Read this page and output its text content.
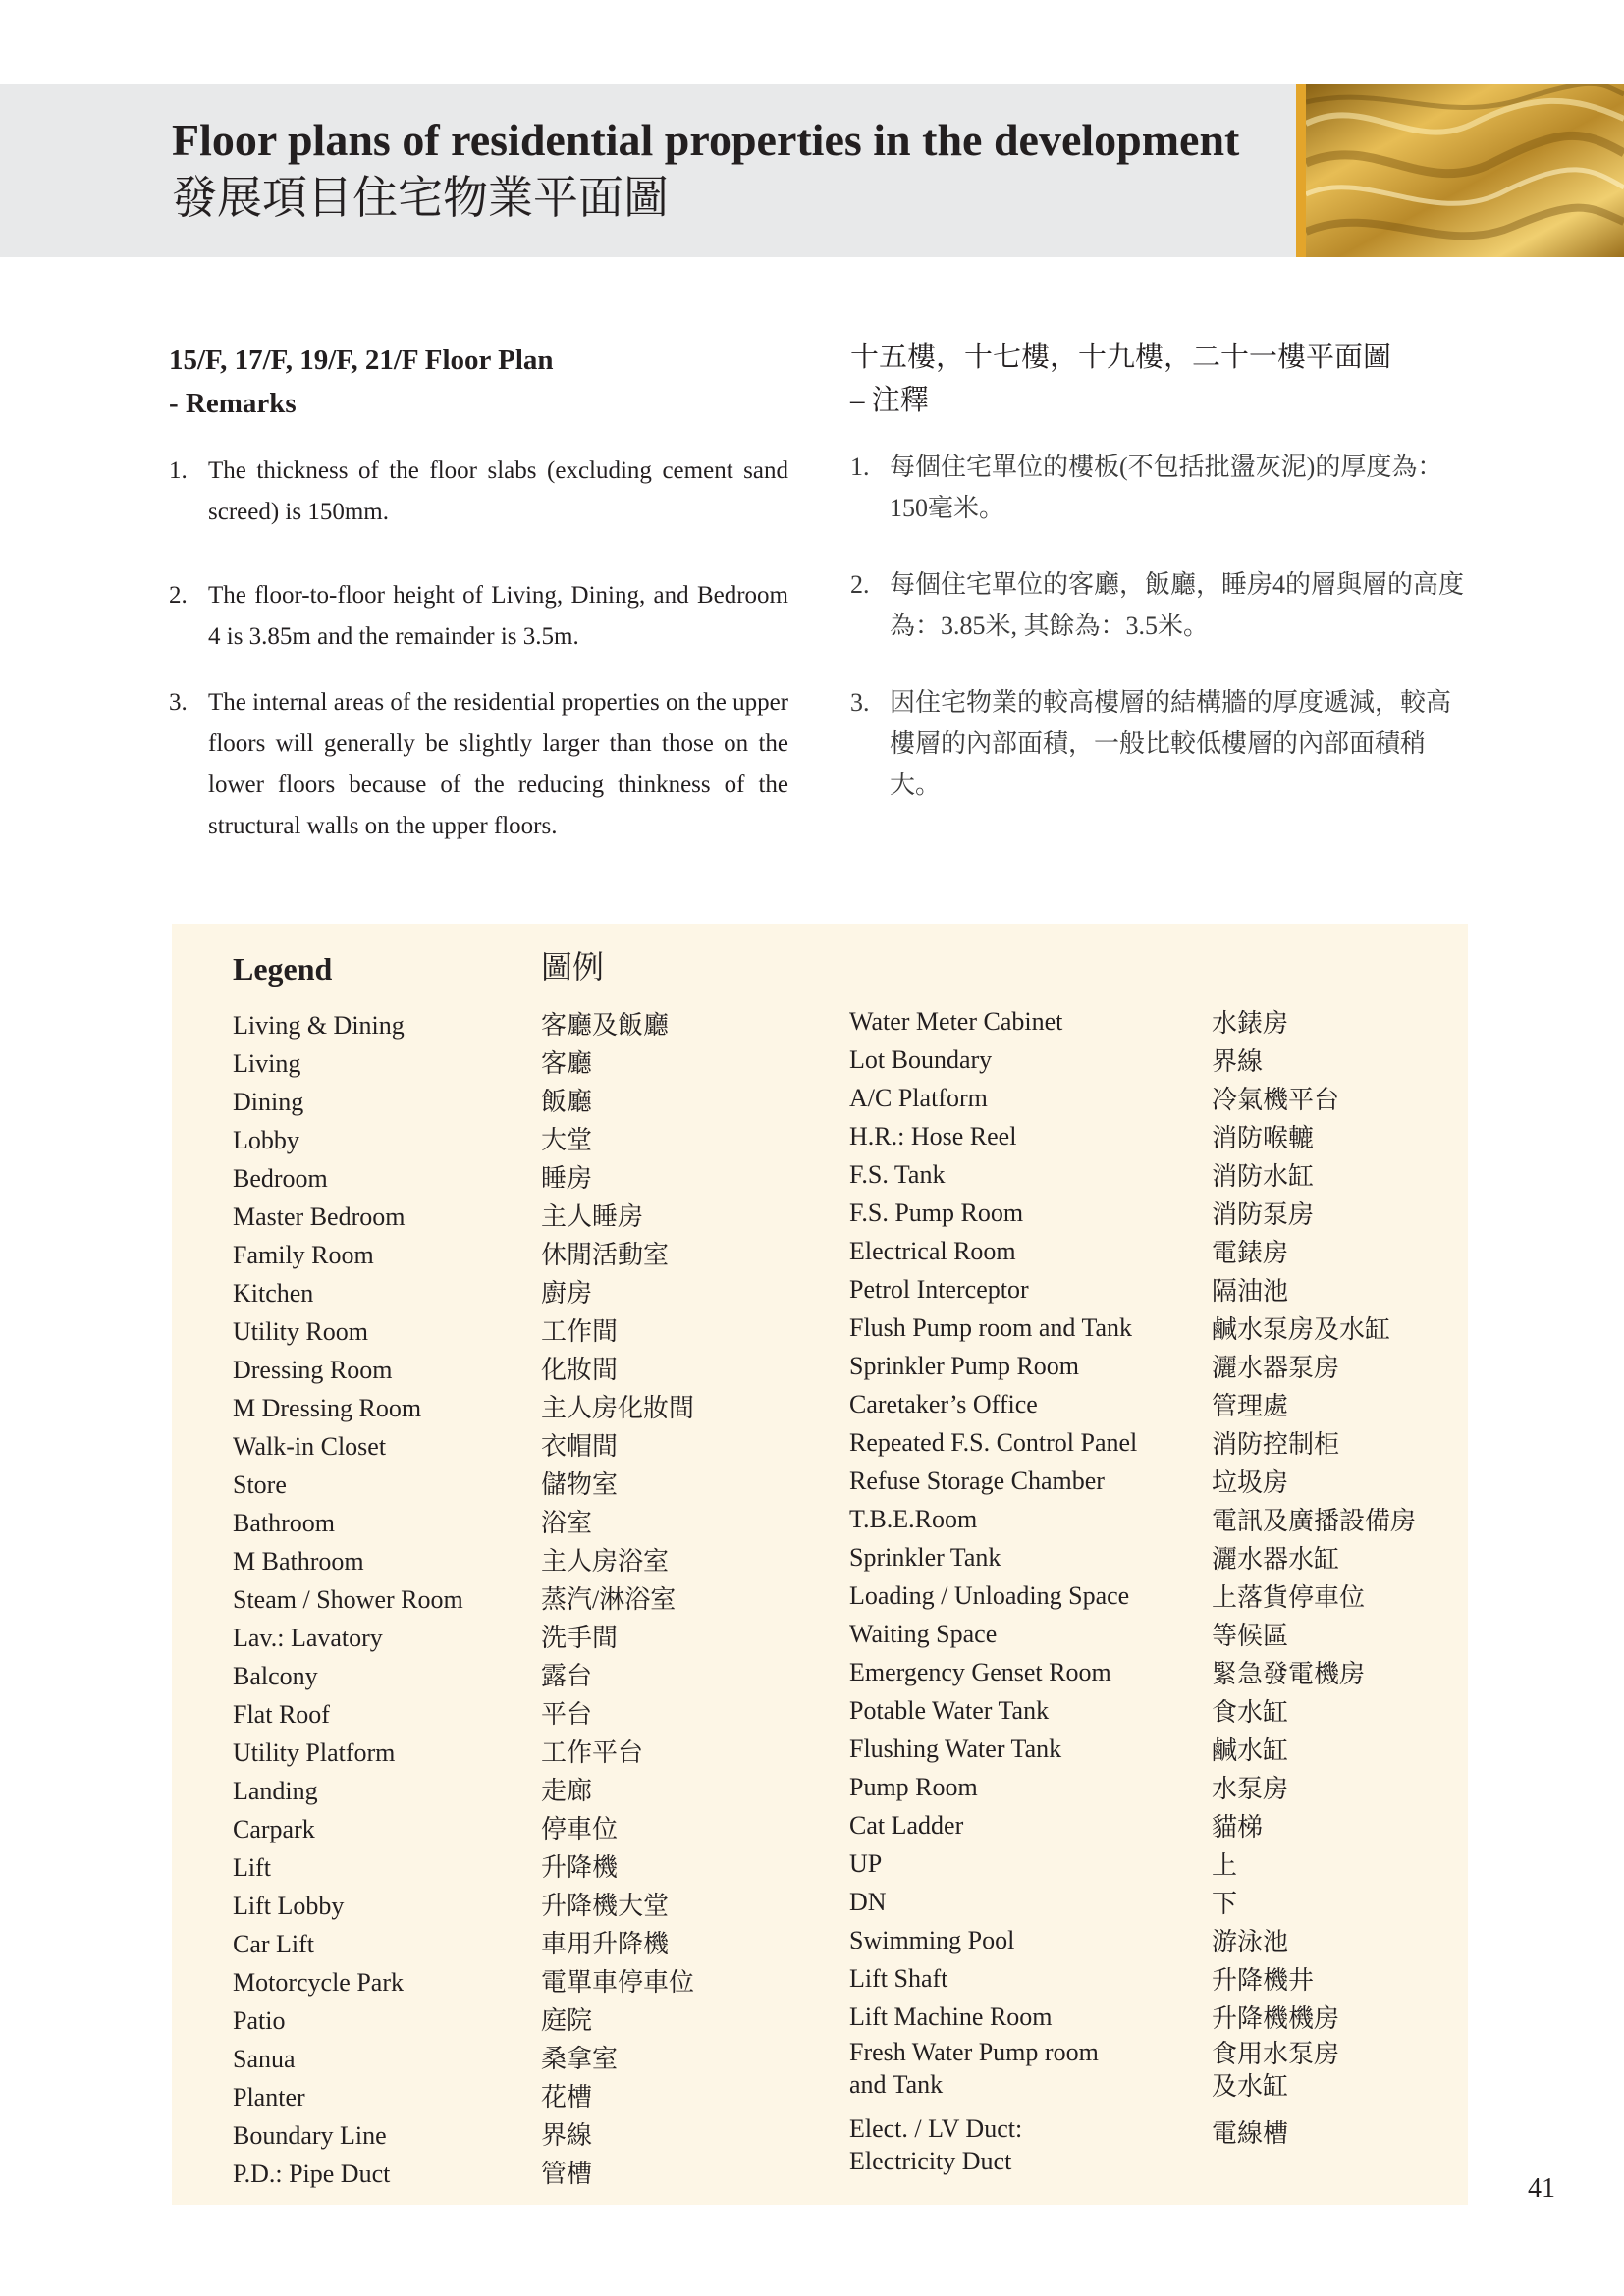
Floor plans of residential properties in the development
發展項目住宅物業平面圖
15/F, 17/F, 19/F, 21/F Floor Plan
- Remarks
十五樓，十七樓，十九樓，二十一樓平面圖
– 注釋
1. The thickness of the floor slabs (excluding cement sand screed) is 150mm.
2. The floor-to-floor height of Living, Dining, and Bedroom 4 is 3.85m and the remainder is 3.5m.
3. The internal areas of the residential properties on the upper floors will generally be slightly larger than those on the lower floors because of the reducing thinkness of the structural walls on the upper floors.
1. 每個住宅單位的樓板(不包括批盪灰泥)的厚度為：150毫米。
2. 每個住宅單位的客廳，飯廳，睡房4的層與層的高度為：3.85米, 其餘為：3.5米。
3. 因住宅物業的較高樓層的結構牆的厚度遞減，較高樓層的內部面積，一般比較低樓層的內部面積稍大。
Legend	圖例
Living & Dining
Living
Dining
Lobby
Bedroom
Master Bedroom
Family Room
Kitchen
Utility Room
Dressing Room
M Dressing Room
Walk-in Closet
Store
Bathroom
M Bathroom
Steam / Shower Room
Lav.: Lavatory
Balcony
Flat Roof
Utility Platform
Landing
Carpark
Lift
Lift Lobby
Car Lift
Motorcycle Park
Patio
Sanua
Planter
Boundary Line
P.D.: Pipe Duct
客廳及飯廳
客廳
飯廳
大堂
睡房
主人睡房
休閒活動室
廚房
工作間
化妝間
主人房化妝間
衣帽間
儲物室
浴室
主人房浴室
蒸汽/淋浴室
洗手間
露台
平台
工作平台
走廊
停車位
升降機
升降機大堂
車用升降機
電單車停車位
庭院
桑拿室
花槽
界線
管槽
Water Meter Cabinet
Lot Boundary
A/C Platform
H.R.: Hose Reel
F.S. Tank
F.S. Pump Room
Electrical Room
Petrol Interceptor
Flush Pump room and Tank
Sprinkler Pump Room
Caretaker’s Office
Repeated F.S. Control Panel
Refuse Storage Chamber
T.B.E.Room
Sprinkler Tank
Loading / Unloading Space
Waiting Space
Emergency Genset Room
Potable Water Tank
Flushing Water Tank
Pump Room
Cat Ladder
UP
DN
Swimming Pool
Lift Shaft
Lift Machine Room
Fresh Water Pump room
and Tank
Elect. / LV Duct:
Electricity Duct
水錶房
界線
冷氣機平台
消防喉轆
消防水缸
消防泵房
電錶房
隔油池
鹹水泵房及水缸
灑水器泵房
管理處
消防控制柜
垃圾房
電訊及廣播設備房
灑水器水缸
上落貨停車位
等候區
緊急發電機房
食水缸
鹹水缸
水泵房
貓梯
上
下
游泳池
升降機井
升降機機房
食用水泵房
及水缸
電線槽

41
